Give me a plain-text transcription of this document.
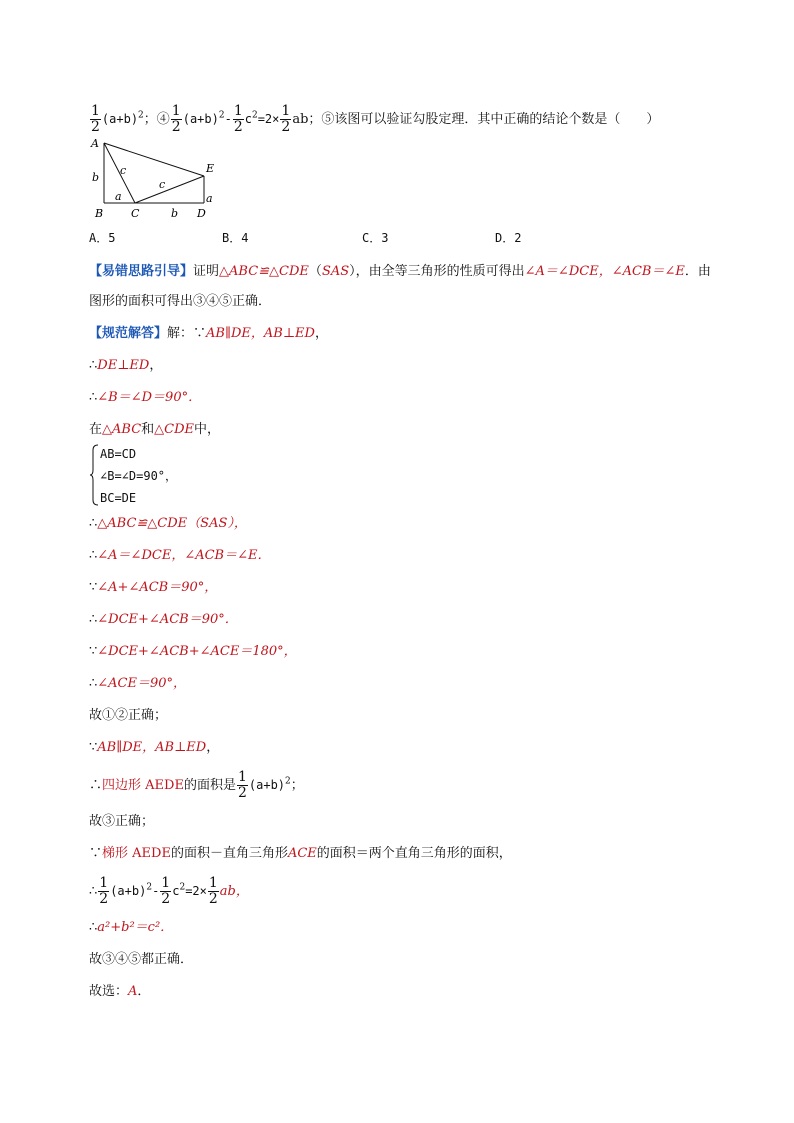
$\frac{1}{2} (a+b)^2$；④ $\frac{1}{2} (a+b)^2- \frac{1}{2} c^2=2\times \frac{1}{2}$ ab；⑤该图可以验证勾股定理．其中正确的结论个数是（　　）
A
B	C	D
E
b
a
c
c
b
a
A．5	B．4	C．3	D．2
【易错思路引导】证明△ABC≌△CDE（SAS），由全等三角形的性质可得出∠A＝∠DCE，∠ACB＝∠E．由
图形的面积可得出③④⑤正确．
【规范解答】解：∵AB∥DE，AB⊥ED，
∴DE⊥ED，
∴∠B＝∠D＝90°．
在△ABC和△CDE中，
AB=CD
∠B=∠D=90°，
BC=DE
∴△ABC≌△CDE（SAS），
∴∠A＝∠DCE，∠ACB＝∠E．
∵∠A+∠ACB＝90°，
∴∠DCE+∠ACB＝90°．
∵∠DCE+∠ACB+∠ACE＝180°，
∴∠ACE＝90°，
故①②正确；
∵AB∥DE，AB⊥ED，
∴四边形 AEDE的面积是 $\frac{1}{2} (a+b)^2$；
故③正确；
∵梯形 AEDE的面积－直角三角形ACE的面积＝两个直角三角形的面积，
∴ $\frac{1}{2} (a+b)^2- \frac{1}{2} c^2=2\times \frac{1}{2}$ ab，
∴a²+b²＝c²．
故③④⑤都正确．
故选：A．
